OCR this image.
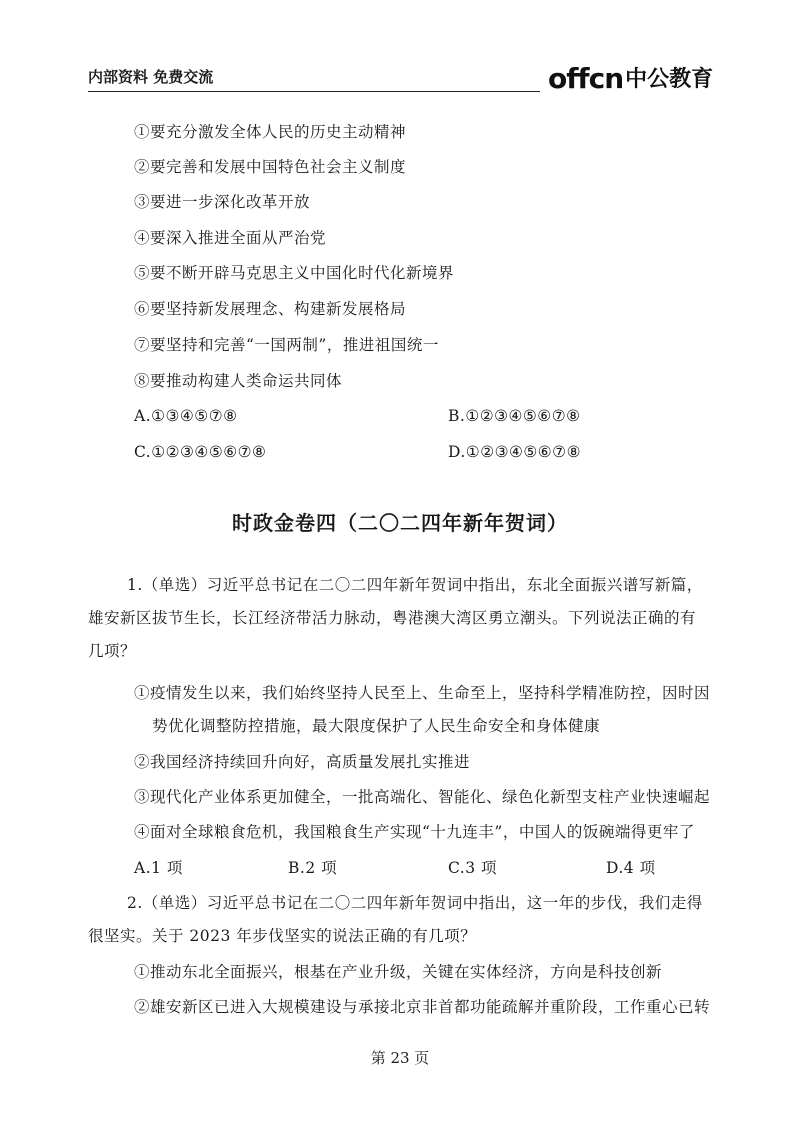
内部资料 免费交流	offcn 中公教育
①要充分激发全体人民的历史主动精神
②要完善和发展中国特色社会主义制度
③要进一步深化改革开放
④要深入推进全面从严治党
⑤要不断开辟马克思主义中国化时代化新境界
⑥要坚持新发展理念、构建新发展格局
⑦要坚持和完善“一国两制”，推进祖国统一
⑧要推动构建人类命运共同体
A.①③④⑤⑦⑧	B.①②③④⑤⑥⑦⑧
C.①②③④⑤⑥⑦⑧	D.①②③④⑤⑥⑦⑧
时政金卷四（二〇二四年新年贺词）
1.（单选）习近平总书记在二〇二四年新年贺词中指出，东北全面振兴谱写新篇，
雄安新区拔节生长，长江经济带活力脉动，粤港澳大湾区勇立潮头。下列说法正确的有
几项？
①疫情发生以来，我们始终坚持人民至上、生命至上，坚持科学精准防控，因时因
势优化调整防控措施，最大限度保护了人民生命安全和身体健康
②我国经济持续回升向好，高质量发展扎实推进
③现代化产业体系更加健全，一批高端化、智能化、绿色化新型支柱产业快速崛起
④面对全球粮食危机，我国粮食生产实现“十九连丰”，中国人的饭碗端得更牢了
A.1 项	B.2 项	C.3 项	D.4 项
2.（单选）习近平总书记在二〇二四年新年贺词中指出，这一年的步伐，我们走得
很坚实。关于 2023 年步伐坚实的说法正确的有几项？
①推动东北全面振兴，根基在产业升级，关键在实体经济，方向是科技创新
②雄安新区已进入大规模建设与承接北京非首都功能疏解并重阶段，工作重心已转
第 23 页
